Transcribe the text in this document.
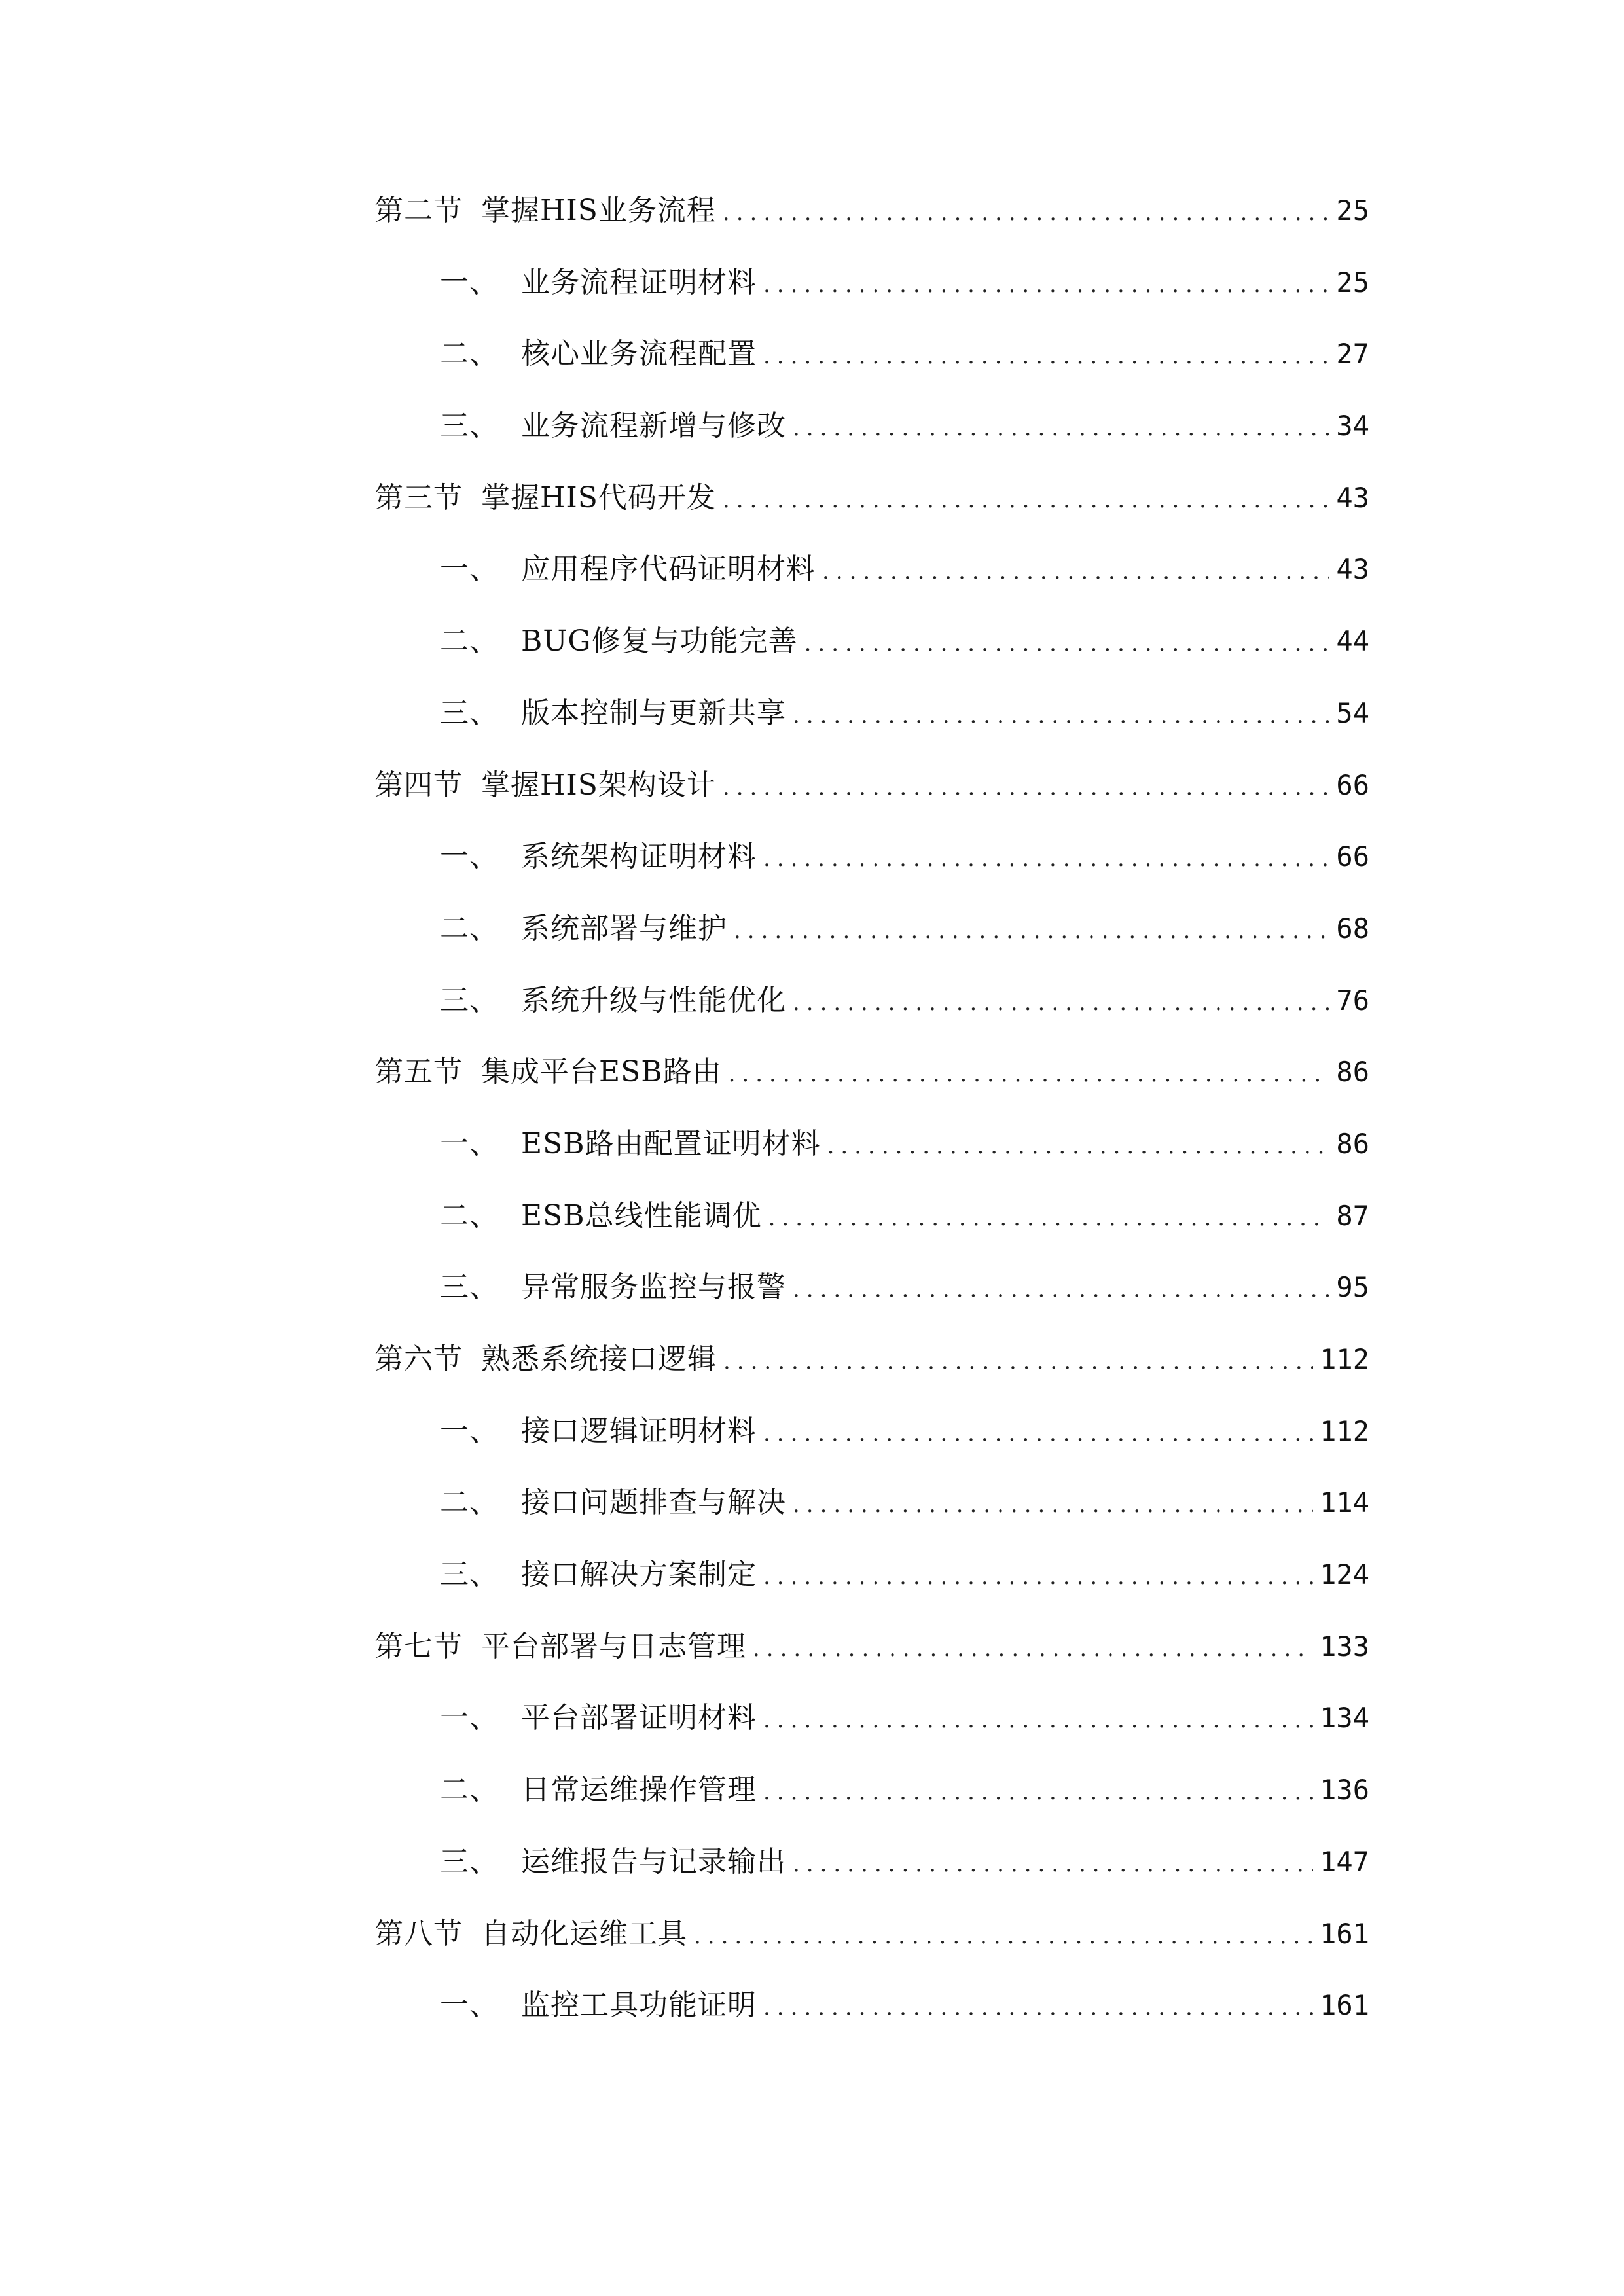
第二节 掌握HIS业务流程 .....	25
一、 业务流程证明材料 .....	25
二、 核心业务流程配置 .....	27
三、 业务流程新增与修改 .....	34
第三节 掌握HIS代码开发 .....	43
一、 应用程序代码证明材料 .....	43
二、 BUG修复与功能完善 .....	44
三、 版本控制与更新共享 .....	54
第四节 掌握HIS架构设计 .....	66
一、 系统架构证明材料 .....	66
二、 系统部署与维护 .....	68
三、 系统升级与性能优化 .....	76
第五节 集成平台ESB路由 .....	86
一、 ESB路由配置证明材料 .....	86
二、 ESB总线性能调优 .....	87
三、 异常服务监控与报警 .....	95
第六节 熟悉系统接口逻辑 .....	112
一、 接口逻辑证明材料 .....	112
二、 接口问题排查与解决 .....	114
三、 接口解决方案制定 .....	124
第七节 平台部署与日志管理 .....	133
一、 平台部署证明材料 .....	134
二、 日常运维操作管理 .....	136
三、 运维报告与记录输出 .....	147
第八节 自动化运维工具 .....	161
一、 监控工具功能证明 .....	161
